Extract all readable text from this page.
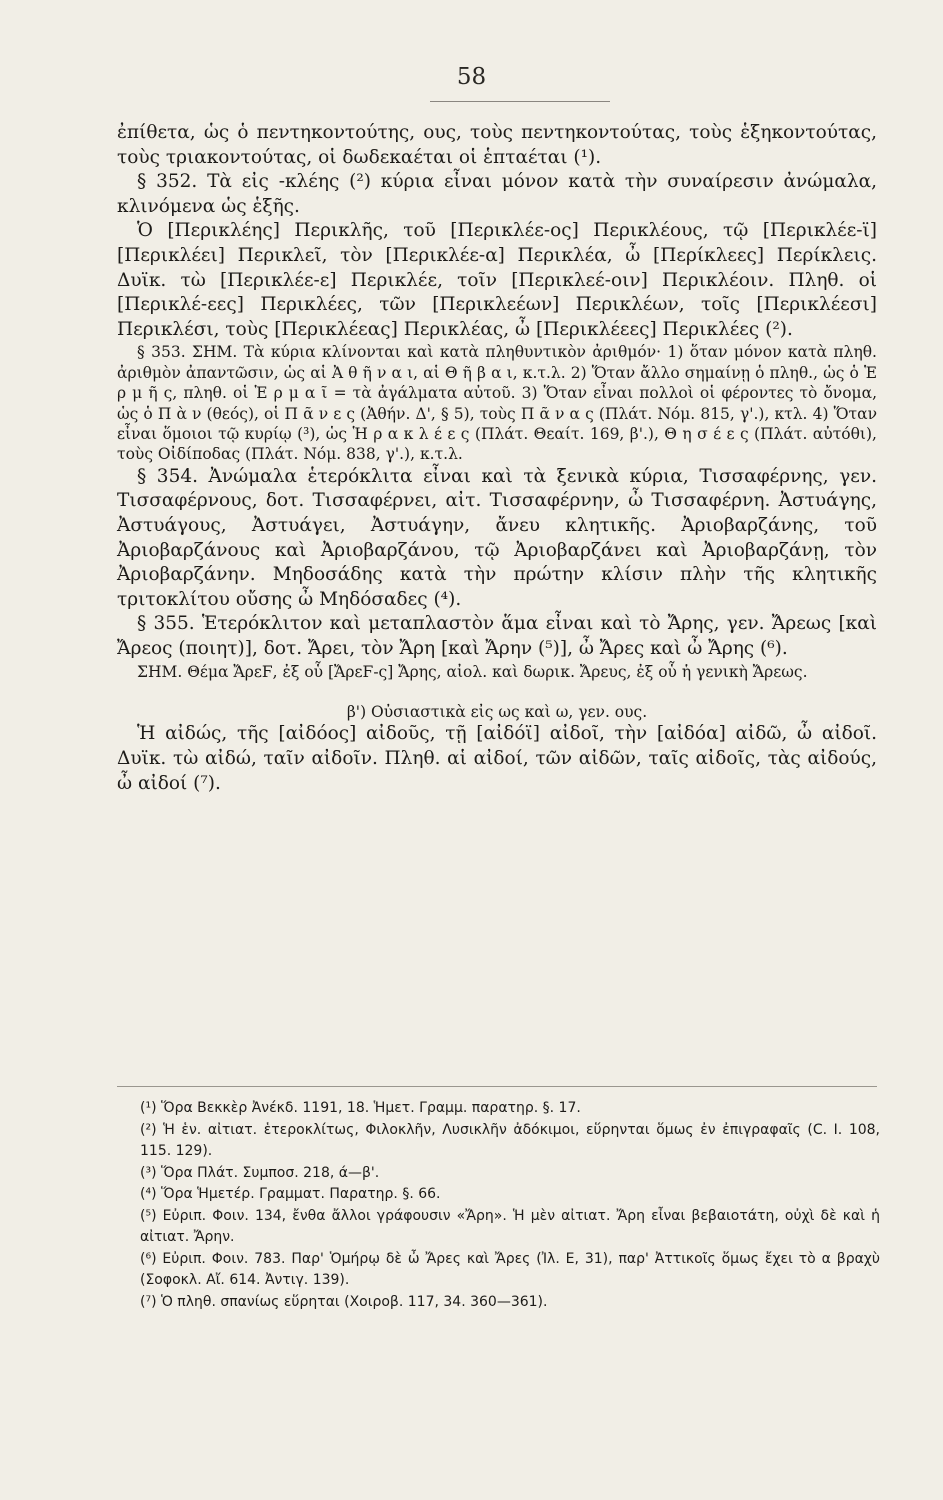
58

ἐπίθετα, ὡς ὁ πεντηκοντούτης, ους, τοὺς πεντηκοντούτας, τοὺς ἑξηκοντούτας, τοὺς τριακοντούτας, οἱ δωδεκαέται οἱ ἑπταέται (¹).

§ 352. Τὰ εἰς -κλέης (²) κύρια εἶναι μόνον κατὰ τὴν συναίρεσιν ἀνώμαλα, κλινόμενα ὡς ἑξῆς.

Ὁ [Περικλέης] Περικλῆς, τοῦ [Περικλέε-ος] Περικλέους, τῷ [Περικλέε-ϊ] [Περικλέει] Περικλεῖ, τὸν [Περικλέε-α] Περικλέα, ὦ [Περίκλεες] Περίκλεις. Δυϊκ. τὼ [Περικλέε-ε] Περικλέε, τοῖν [Περικλεέ-οιν] Περικλέοιν. Πληθ. οἱ [Περικλέ-εες] Περικλέες, τῶν [Περικλεέων] Περικλέων, τοῖς [Περικλέεσι] Περικλέσι, τοὺς [Περικλέεας] Περικλέας, ὦ [Περικλέεες] Περικλέες (²).

§ 353. ΣΗΜ. Τὰ κύρια κλίνονται καὶ κατὰ πληθυντικὸν ἀριθμόν· 1) ὅταν μόνον κατὰ πληθ. ἀριθμὸν ἀπαντῶσιν, ὡς αἱ Ἀ θ ῆ ν α ι, αἱ Θ ῆ β α ι, κ.τ.λ. 2) Ὅταν ἄλλο σημαίνῃ ὁ πληθ., ὡς ὁ Ἑ ρ μ ῆ ς, πληθ. οἱ Ἑ ρ μ α ῖ = τὰ ἀγάλματα αὐτοῦ. 3) Ὅταν εἶναι πολλοὶ οἱ φέροντες τὸ ὄνομα, ὡς ὁ Π ὰ ν (θεός), οἱ Π ᾶ ν ε ς (Ἀθήν. Δ', § 5), τοὺς Π ᾶ ν α ς (Πλάτ. Νόμ. 815, γ'.), κτλ. 4) Ὅταν εἶναι ὅμοιοι τῷ κυρίῳ (³), ὡς Ἡ ρ α κ λ έ ε ς (Πλάτ. Θεαίτ. 169, β'.), Θ η σ έ ε ς (Πλάτ. αὐτόθι), τοὺς Οἰδίποδας (Πλάτ. Νόμ. 838, γ'.), κ.τ.λ.

§ 354. Ἀνώμαλα ἑτερόκλιτα εἶναι καὶ τὰ ξενικὰ κύρια, Τισσαφέρνης, γεν. Τισσαφέρνους, δοτ. Τισσαφέρνει, αἰτ. Τισσαφέρνην, ὦ Τισσαφέρνη. Ἀστυάγης, Ἀστυάγους, Ἀστυάγει, Ἀστυάγην, ἄνευ κλητικῆς. Ἀριοβαρζάνης, τοῦ Ἀριοβαρζάνους καὶ Ἀριοβαρζάνου, τῷ Ἀριοβαρζάνει καὶ Ἀριοβαρζάνῃ, τὸν Ἀριοβαρζάνην. Μηδοσάδης κατὰ τὴν πρώτην κλίσιν πλὴν τῆς κλητικῆς τριτοκλίτου οὔσης ὦ Μηδόσαδες (⁴).

§ 355. Ἑτερόκλιτον καὶ μεταπλαστὸν ἅμα εἶναι καὶ τὸ Ἄρης, γεν. Ἄρεως [καὶ Ἄρεος (ποιητ)], δοτ. Ἄρει, τὸν Ἄρη [καὶ Ἄρην (⁵)], ὦ Ἄρες καὶ ὦ Ἄρης (⁶).

ΣΗΜ. Θέμα ἌρεϜ, ἐξ οὗ [ἌρεϜ-ς] Ἄρης, αἰολ. καὶ δωρικ. Ἄρευς, ἐξ οὗ ἡ γενικὴ Ἄρεως.

β') Οὐσιαστικὰ εἰς ως καὶ ω, γεν. ους.

Ἡ αἰδώς, τῆς [αἰδόος] αἰδοῦς, τῇ [αἰδόϊ] αἰδοῖ, τὴν [αἰδόα] αἰδῶ, ὦ αἰδοῖ. Δυϊκ. τὼ αἰδώ, ταῖν αἰδοῖν. Πληθ. αἱ αἰδοί, τῶν αἰδῶν, ταῖς αἰδοῖς, τὰς αἰδούς, ὦ αἰδοί (⁷).

(¹) Ὅρα Βεκκὲρ Ἀνέκδ. 1191, 18. Ἡμετ. Γραμμ. παρατηρ. §. 17.

(²) Ἡ ἑν. αἰτιατ. ἑτεροκλίτως, Φιλοκλῆν, Λυσικλῆν ἀδόκιμοι, εὕρηνται ὅμως ἐν ἐπιγραφαῖς (C. I. 108, 115. 129).

(³) Ὅρα Πλάτ. Συμποσ. 218, ά—β'.

(⁴) Ὅρα Ἡμετέρ. Γραμματ. Παρατηρ. §. 66.

(⁵) Εὐριπ. Φοιν. 134, ἔνθα ἄλλοι γράφουσιν «Ἄρη». Ἡ μὲν αἰτιατ. Ἄρη εἶναι βεβαιοτάτη, οὐχὶ δὲ καὶ ἡ αἰτιατ. Ἄρην.

(⁶) Εὐριπ. Φοιν. 783. Παρ' Ὁμήρῳ δὲ ὦ Ἄρες καὶ Ἄρες (Ἰλ. Ε, 31), παρ' Ἀττικοῖς ὅμως ἔχει τὸ α βραχὺ (Σοφοκλ. Αἴ. 614. Ἀντιγ. 139).

(⁷) Ὁ πληθ. σπανίως εὕρηται (Χοιροβ. 117, 34. 360—361).
